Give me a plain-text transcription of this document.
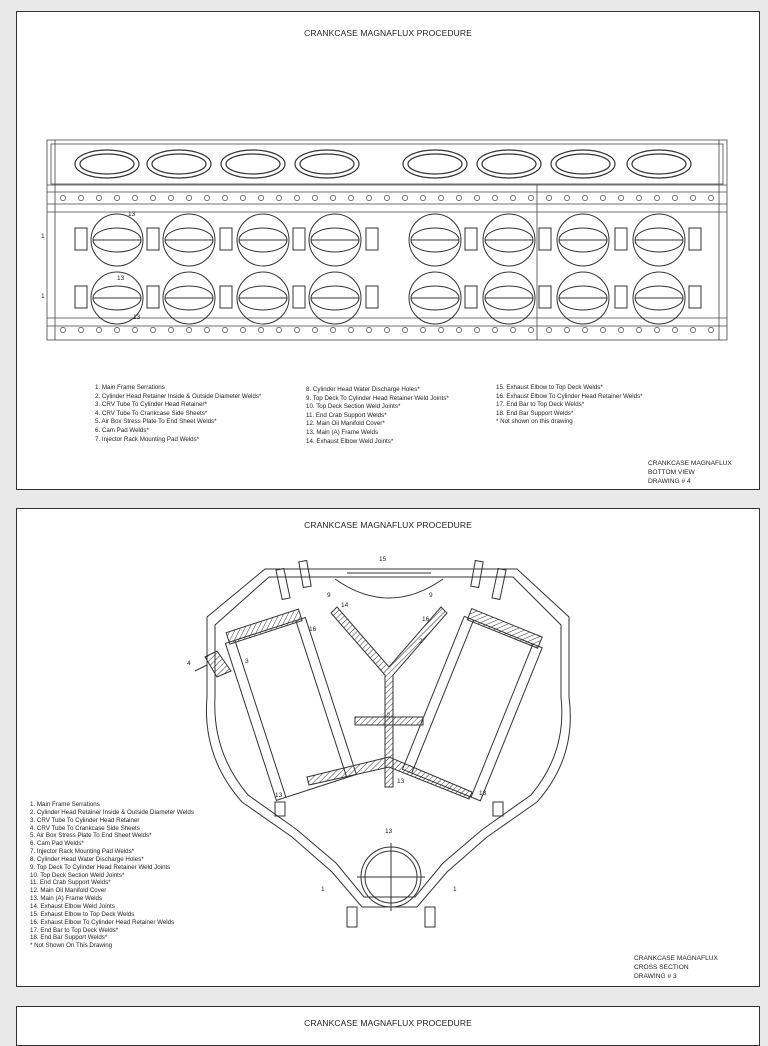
CRANKCASE MAGNAFLUX PROCEDURE
1
1
13
13
13
1. Main Frame Serrations
2. Cylinder Head Retainer Inside & Outside Diameter Welds*
3. CRV Tube To Cylinder Head Retainer*
4. CRV Tube To Crankcase Side Sheets*
5. Air Box Stress Plate To End Sheet Welds*
6. Cam Pad Welds*
7. Injector Rack Mounting Pad Welds*
8. Cylinder Head Water Discharge Holes*
9. Top Deck To Cylinder Head Retainer Weld Joints*
10. Top Deck Section Weld Joints*
11. End Crab Support Welds*
12. Main Oil Manifold Cover*
13. Main (A) Frame Welds
14. Exhaust Elbow Weld Joints*
15. Exhaust Elbow to Top Deck Welds*
16. Exhaust Elbow To Cylinder Head Retainer Welds*
17. End Bar to Top Deck Welds*
18. End Bar Support Welds*
* Not shown on this drawing
CRANKCASE MAGNAFLUX
BOTTOM VIEW
DRAWING # 4
CRANKCASE MAGNAFLUX PROCEDURE
15
9	9
14
16
16
2
3
4
12
13
13	13
13
1	1
1. Main Frame Serrations
2. Cylinder Head Retainer Inside & Outside Diameter Welds
3. CRV Tube To Cylinder Head Retainer
4. CRV Tube To Crankcase Side Sheets
5. Air Box Stress Plate To End Sheet Welds*
6. Cam Pad Welds*
7. Injector Rack Mounting Pad Welds*
8. Cylinder Head Water Discharge Holes*
9. Top Deck To Cylinder Head Retainer Weld Joints
10. Top Deck Section Weld Joints*
11. End Crab Support Welds*
12. Main Oil Manifold Cover
13. Main (A) Frame Welds
14. Exhaust Elbow Weld Joints
15. Exhaust Elbow to Top Deck Welds
16. Exhaust Elbow To Cylinder Head Retainer Welds
17. End Bar to Top Deck Welds*
18. End Bar Support Welds*
* Not Shown On This Drawing
CRANKCASE MAGNAFLUX
CROSS SECTION
DRAWING # 3
CRANKCASE MAGNAFLUX PROCEDURE
